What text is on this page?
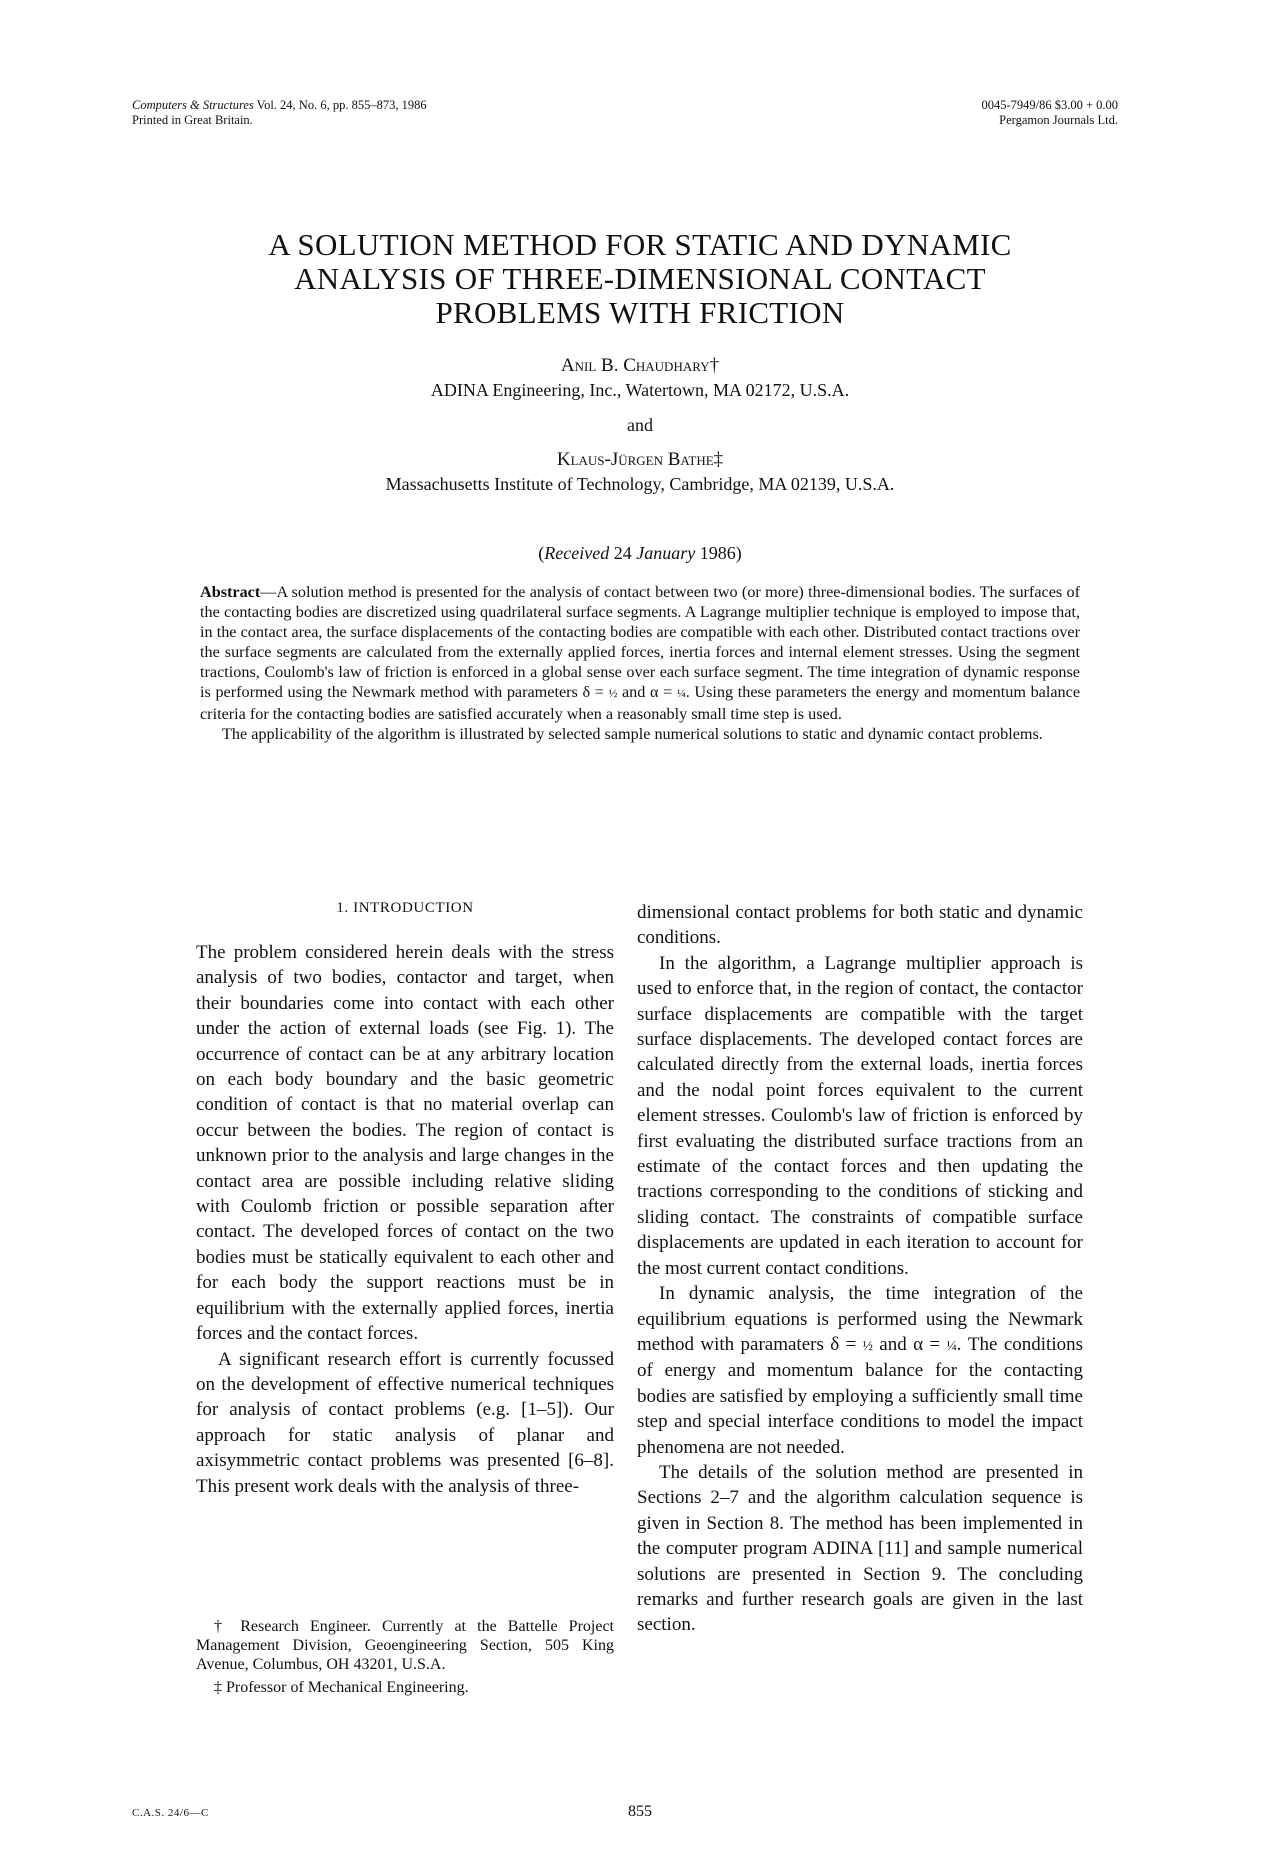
Computers & Structures Vol. 24, No. 6, pp. 855–873, 1986
Printed in Great Britain.
0045-7949/86 $3.00 + 0.00
Pergamon Journals Ltd.
A SOLUTION METHOD FOR STATIC AND DYNAMIC
ANALYSIS OF THREE-DIMENSIONAL CONTACT
PROBLEMS WITH FRICTION
Anil B. Chaudhary†
ADINA Engineering, Inc., Watertown, MA 02172, U.S.A.
and
Klaus-Jürgen Bathe‡
Massachusetts Institute of Technology, Cambridge, MA 02139, U.S.A.
(Received 24 January 1986)

Abstract—A solution method is presented for the analysis of contact between two (or more) three-dimensional bodies. The surfaces of the contacting bodies are discretized using quadrilateral surface segments. A Lagrange multiplier technique is employed to impose that, in the contact area, the surface displacements of the contacting bodies are compatible with each other. Distributed contact tractions over the surface segments are calculated from the externally applied forces, inertia forces and internal element stresses. Using the segment tractions, Coulomb's law of friction is enforced in a global sense over each surface segment. The time integration of dynamic response is performed using the Newmark method with parameters δ = ½ and α = ¼. Using these parameters the energy and momentum balance criteria for the contacting bodies are satisfied accurately when a reasonably small time step is used.

The applicability of the algorithm is illustrated by selected sample numerical solutions to static and dynamic contact problems.

1. INTRODUCTION

The problem considered herein deals with the stress analysis of two bodies, contactor and target, when their boundaries come into contact with each other under the action of external loads (see Fig. 1). The occurrence of contact can be at any arbitrary location on each body boundary and the basic geometric condition of contact is that no material overlap can occur between the bodies. The region of contact is unknown prior to the analysis and large changes in the contact area are possible including relative sliding with Coulomb friction or possible separation after contact. The developed forces of contact on the two bodies must be statically equivalent to each other and for each body the support reactions must be in equilibrium with the externally applied forces, inertia forces and the contact forces.

A significant research effort is currently focussed on the development of effective numerical techniques for analysis of contact problems (e.g. [1–5]). Our approach for static analysis of planar and axisymmetric contact problems was presented [6–8]. This present work deals with the analysis of three-

dimensional contact problems for both static and dynamic conditions.

In the algorithm, a Lagrange multiplier approach is used to enforce that, in the region of contact, the contactor surface displacements are compatible with the target surface displacements. The developed contact forces are calculated directly from the external loads, inertia forces and the nodal point forces equivalent to the current element stresses. Coulomb's law of friction is enforced by first evaluating the distributed surface tractions from an estimate of the contact forces and then updating the tractions corresponding to the conditions of sticking and sliding contact. The constraints of compatible surface displacements are updated in each iteration to account for the most current contact conditions.

In dynamic analysis, the time integration of the equilibrium equations is performed using the Newmark method with paramaters δ = ½ and α = ¼. The conditions of energy and momentum balance for the contacting bodies are satisfied by employing a sufficiently small time step and special interface conditions to model the impact phenomena are not needed.

The details of the solution method are presented in Sections 2–7 and the algorithm calculation sequence is given in Section 8. The method has been implemented in the computer program ADINA [11] and sample numerical solutions are presented in Section 9. The concluding remarks and further research goals are given in the last section.

† Research Engineer. Currently at the Battelle Project Management Division, Geoengineering Section, 505 King Avenue, Columbus, OH 43201, U.S.A.

‡ Professor of Mechanical Engineering.

C.A.S. 24/6—C	855
